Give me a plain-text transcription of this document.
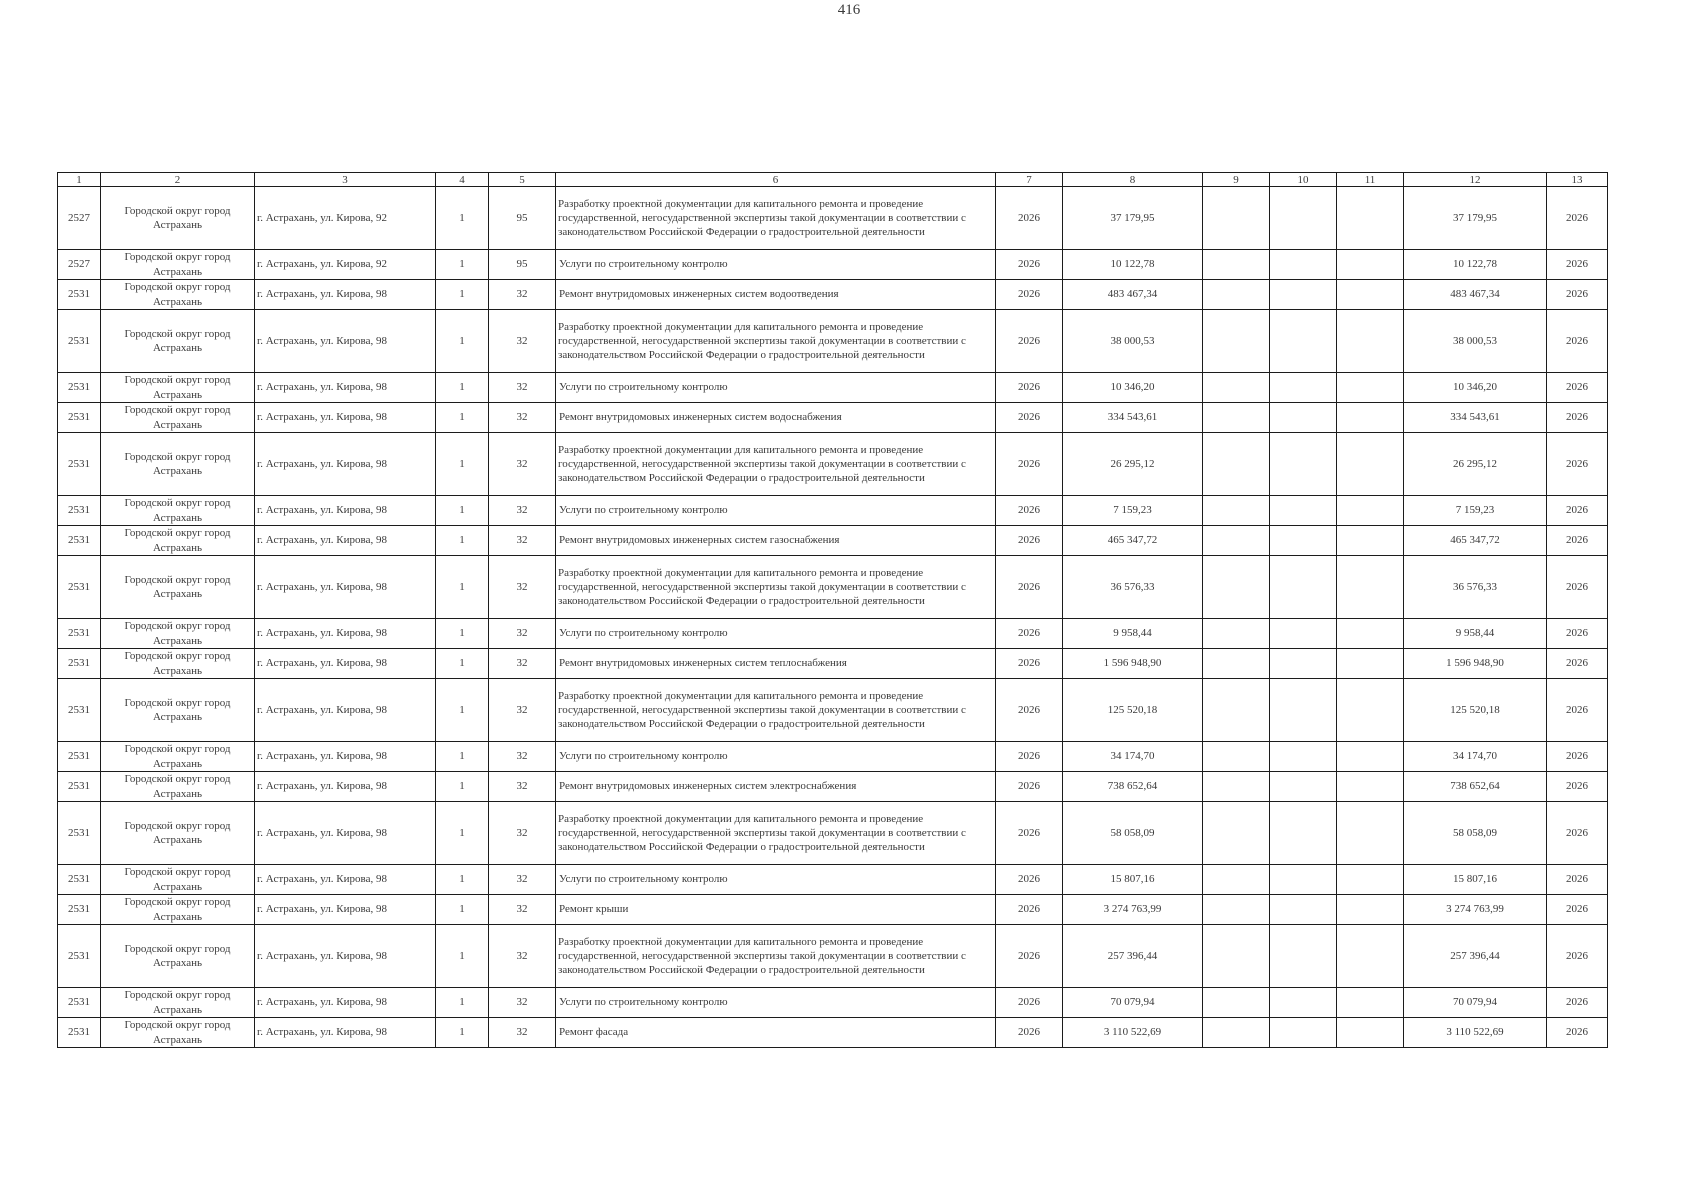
416
1	2	3	4	5	6	7	8	9	10	11	12	13
2527	Городской округ город Астрахань	г. Астрахань, ул. Кирова, 92	1	95	Разработку проектной документации для капитального ремонта и проведение государственной, негосударственной экспертизы такой документации в соответствии с законодательством Российской Федерации о градостроительной деятельности	2026	37 179,95				37 179,95	2026
2527	Городской округ город Астрахань	г. Астрахань, ул. Кирова, 92	1	95	Услуги по строительному контролю	2026	10 122,78				10 122,78	2026
2531	Городской округ город Астрахань	г. Астрахань, ул. Кирова, 98	1	32	Ремонт внутридомовых инженерных систем водоотведения	2026	483 467,34				483 467,34	2026
2531	Городской округ город Астрахань	г. Астрахань, ул. Кирова, 98	1	32	Разработку проектной документации для капитального ремонта и проведение государственной, негосударственной экспертизы такой документации в соответствии с законодательством Российской Федерации о градостроительной деятельности	2026	38 000,53				38 000,53	2026
2531	Городской округ город Астрахань	г. Астрахань, ул. Кирова, 98	1	32	Услуги по строительному контролю	2026	10 346,20				10 346,20	2026
2531	Городской округ город Астрахань	г. Астрахань, ул. Кирова, 98	1	32	Ремонт внутридомовых инженерных систем водоснабжения	2026	334 543,61				334 543,61	2026
2531	Городской округ город Астрахань	г. Астрахань, ул. Кирова, 98	1	32	Разработку проектной документации для капитального ремонта и проведение государственной, негосударственной экспертизы такой документации в соответствии с законодательством Российской Федерации о градостроительной деятельности	2026	26 295,12				26 295,12	2026
2531	Городской округ город Астрахань	г. Астрахань, ул. Кирова, 98	1	32	Услуги по строительному контролю	2026	7 159,23				7 159,23	2026
2531	Городской округ город Астрахань	г. Астрахань, ул. Кирова, 98	1	32	Ремонт внутридомовых инженерных систем газоснабжения	2026	465 347,72				465 347,72	2026
2531	Городской округ город Астрахань	г. Астрахань, ул. Кирова, 98	1	32	Разработку проектной документации для капитального ремонта и проведение государственной, негосударственной экспертизы такой документации в соответствии с законодательством Российской Федерации о градостроительной деятельности	2026	36 576,33				36 576,33	2026
2531	Городской округ город Астрахань	г. Астрахань, ул. Кирова, 98	1	32	Услуги по строительному контролю	2026	9 958,44				9 958,44	2026
2531	Городской округ город Астрахань	г. Астрахань, ул. Кирова, 98	1	32	Ремонт внутридомовых инженерных систем теплоснабжения	2026	1 596 948,90				1 596 948,90	2026
2531	Городской округ город Астрахань	г. Астрахань, ул. Кирова, 98	1	32	Разработку проектной документации для капитального ремонта и проведение государственной, негосударственной экспертизы такой документации в соответствии с законодательством Российской Федерации о градостроительной деятельности	2026	125 520,18				125 520,18	2026
2531	Городской округ город Астрахань	г. Астрахань, ул. Кирова, 98	1	32	Услуги по строительному контролю	2026	34 174,70				34 174,70	2026
2531	Городской округ город Астрахань	г. Астрахань, ул. Кирова, 98	1	32	Ремонт внутридомовых инженерных систем электроснабжения	2026	738 652,64				738 652,64	2026
2531	Городской округ город Астрахань	г. Астрахань, ул. Кирова, 98	1	32	Разработку проектной документации для капитального ремонта и проведение государственной, негосударственной экспертизы такой документации в соответствии с законодательством Российской Федерации о градостроительной деятельности	2026	58 058,09				58 058,09	2026
2531	Городской округ город Астрахань	г. Астрахань, ул. Кирова, 98	1	32	Услуги по строительному контролю	2026	15 807,16				15 807,16	2026
2531	Городской округ город Астрахань	г. Астрахань, ул. Кирова, 98	1	32	Ремонт крыши	2026	3 274 763,99				3 274 763,99	2026
2531	Городской округ город Астрахань	г. Астрахань, ул. Кирова, 98	1	32	Разработку проектной документации для капитального ремонта и проведение государственной, негосударственной экспертизы такой документации в соответствии с законодательством Российской Федерации о градостроительной деятельности	2026	257 396,44				257 396,44	2026
2531	Городской округ город Астрахань	г. Астрахань, ул. Кирова, 98	1	32	Услуги по строительному контролю	2026	70 079,94				70 079,94	2026
2531	Городской округ город Астрахань	г. Астрахань, ул. Кирова, 98	1	32	Ремонт фасада	2026	3 110 522,69				3 110 522,69	2026
